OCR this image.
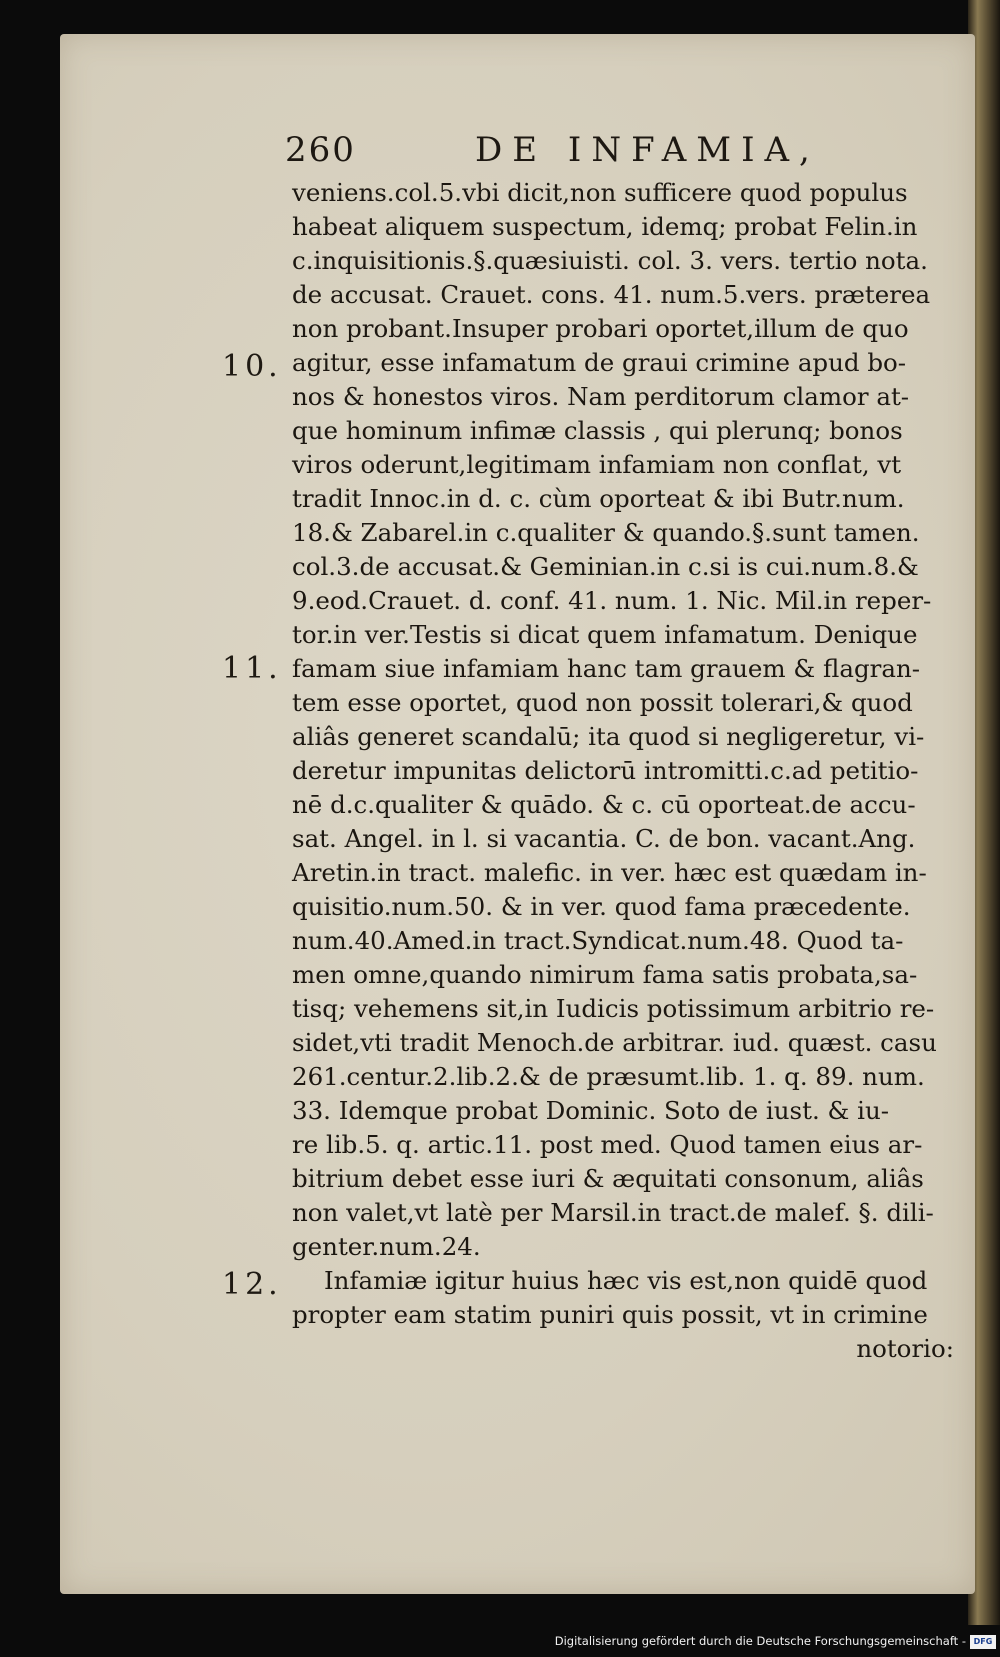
260	DE INFAMIA,
10.
11.
12.
veniens.col.5.vbi dicit,non sufficere quod populus
habeat aliquem suspectum, idemq; probat Felin.in
c.inquisitionis.§.quæsiuisti. col. 3. vers. tertio nota.
de accusat. Crauet. cons. 41. num.5.vers. præterea
non probant.Insuper probari oportet,illum de quo
agitur, esse infamatum de graui crimine apud bo-
nos & honestos viros. Nam perditorum clamor at-
que hominum infimæ classis , qui plerunq; bonos
viros oderunt,legitimam infamiam non conflat, vt
tradit Innoc.in d. c. cùm oporteat & ibi Butr.num.
18.& Zabarel.in c.qualiter & quando.§.sunt tamen.
col.3.de accusat.& Geminian.in c.si is cui.num.8.&
9.eod.Crauet. d. conf. 41. num. 1. Nic. Mil.in reper-
tor.in ver.Testis si dicat quem infamatum. Denique
famam siue infamiam hanc tam grauem & flagran-
tem esse oportet, quod non possit tolerari,& quod
aliâs generet scandalū; ita quod si negligeretur, vi-
deretur impunitas delictorū intromitti.c.ad petitio-
nē d.c.qualiter & quādo. & c. cū oporteat.de accu-
sat. Angel. in l. si vacantia. C. de bon. vacant.Ang.
Aretin.in tract. malefic. in ver. hæc est quædam in-
quisitio.num.50. & in ver. quod fama præcedente.
num.40.Amed.in tract.Syndicat.num.48. Quod ta-
men omne,quando nimirum fama satis probata,sa-
tisq; vehemens sit,in Iudicis potissimum arbitrio re-
sidet,vti tradit Menoch.de arbitrar. iud. quæst. casu
261.centur.2.lib.2.& de præsumt.lib. 1. q. 89. num.
33. Idemque probat Dominic. Soto de iust. & iu-
re lib.5. q. artic.11. post med. Quod tamen eius ar-
bitrium debet esse iuri & æquitati consonum, aliâs
non valet,vt latè per Marsil.in tract.de malef. §. dili-
genter.num.24.
Infamiæ igitur huius hæc vis est,non quidē quod
propter eam statim puniri quis possit, vt in crimine
notorio:
Digitalisierung gefördert durch die Deutsche Forschungsgemeinschaft - DFG
